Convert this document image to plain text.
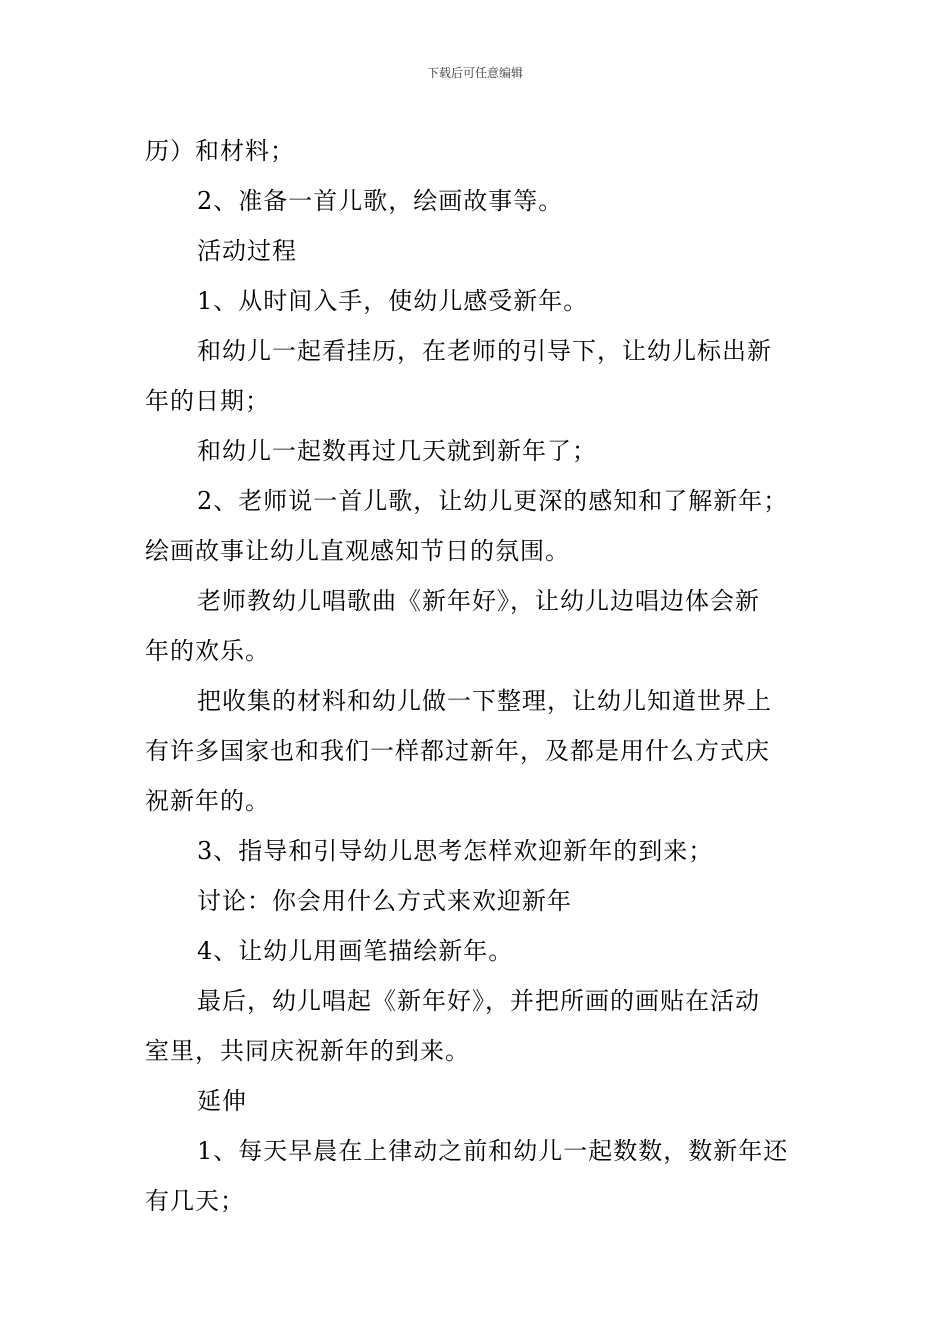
下载后可任意编辑
历）和材料；
2、准备一首儿歌，绘画故事等。
活动过程
1、从时间入手，使幼儿感受新年。
和幼儿一起看挂历，在老师的引导下，让幼儿标出新
年的日期；
和幼儿一起数再过几天就到新年了；
2、老师说一首儿歌，让幼儿更深的感知和了解新年；
绘画故事让幼儿直观感知节日的氛围。
老师教幼儿唱歌曲《新年好》，让幼儿边唱边体会新
年的欢乐。
把收集的材料和幼儿做一下整理，让幼儿知道世界上
有许多国家也和我们一样都过新年，及都是用什么方式庆
祝新年的。
3、指导和引导幼儿思考怎样欢迎新年的到来；
讨论：你会用什么方式来欢迎新年
4、让幼儿用画笔描绘新年。
最后，幼儿唱起《新年好》，并把所画的画贴在活动
室里，共同庆祝新年的到来。
延伸
1、每天早晨在上律动之前和幼儿一起数数，数新年还
有几天；
